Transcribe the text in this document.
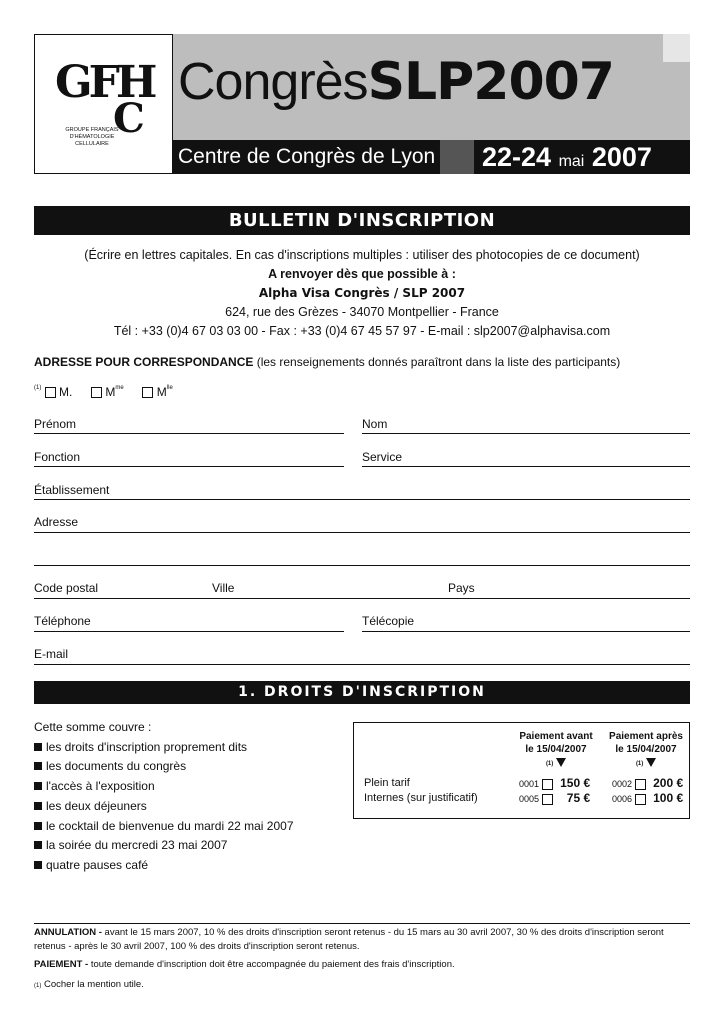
GFH
C
GROUPE FRANÇAIS D'HÉMATOLOGIE CELLULAIRE
CongrèsSLP2007
Centre de Congrès de Lyon 22-24 mai 2007
BULLETIN D'INSCRIPTION
(Écrire en lettres capitales. En cas d'inscriptions multiples : utiliser des photocopies de ce document)
A renvoyer dès que possible à :
Alpha Visa Congrès / SLP 2007
624, rue des Grèzes - 34070 Montpellier - France
Tél : +33 (0)4 67 03 03 00 - Fax : +33 (0)4 67 45 57 97 - E-mail : slp2007@alphavisa.com
ADRESSE POUR CORRESPONDANCE (les renseignements donnés paraîtront dans la liste des participants)
$^{(1)}$ M.	$M^{me}$	$M^{lle}$
Prénom	Nom
Fonction	Service
Établissement
Adresse
Code postal	Ville	Pays
Téléphone	Télécopie
E-mail
1. DROITS D'INSCRIPTION
Cette somme couvre :
les droits d'inscription proprement dits
les documents du congrès
l'accès à l'exposition
les deux déjeuners
le cocktail de bienvenue du mardi 22 mai 2007
la soirée du mercredi 23 mai 2007
quatre pauses café
Paiement avant
le 15/04/2007
(1)
Paiement après
le 15/04/2007
(1)
Plein tarif	0001 150 € 0002 200 €
Internes (sur justificatif)	0005 75 € 0006 100 €
ANNULATION - avant le 15 mars 2007, 10 % des droits d'inscription seront retenus - du 15 mars au 30 avril 2007, 30 % des droits d'inscription seront retenus - après le 30 avril 2007, 100 % des droits d'inscription seront retenus.
PAIEMENT - toute demande d'inscription doit être accompagnée du paiement des frais d'inscription.
(1) Cocher la mention utile.
